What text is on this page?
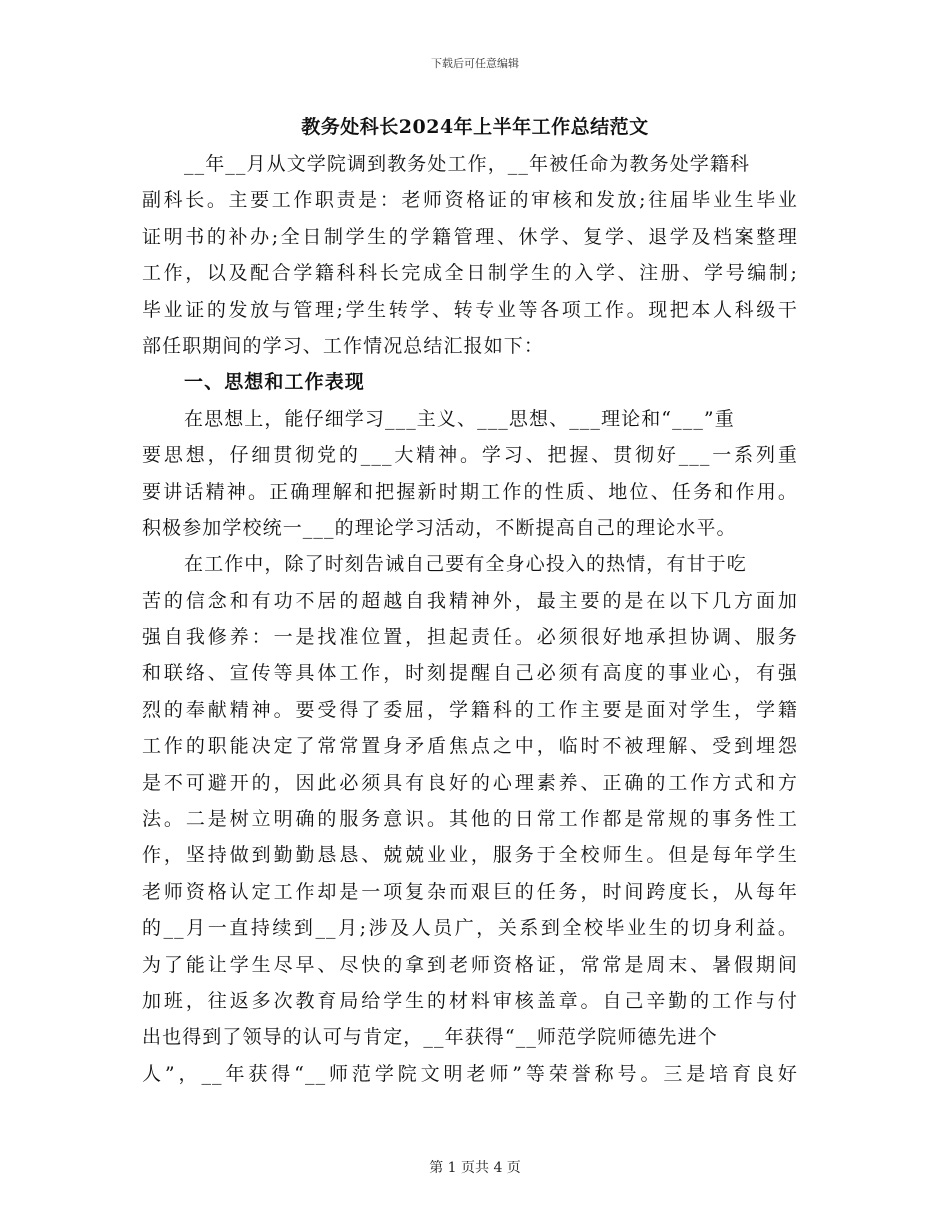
下载后可任意编辑
教务处科长2024年上半年工作总结范文
__年__月从文学院调到教务处工作，__年被任命为教务处学籍科
副科长。主要工作职责是：老师资格证的审核和发放;往届毕业生毕业
证明书的补办;全日制学生的学籍管理、休学、复学、退学及档案整理
工作，以及配合学籍科科长完成全日制学生的入学、注册、学号编制;
毕业证的发放与管理;学生转学、转专业等各项工作。现把本人科级干
部任职期间的学习、工作情况总结汇报如下：
一、思想和工作表现
在思想上，能仔细学习___主义、___思想、___理论和“___”重
要思想，仔细贯彻党的___大精神。学习、把握、贯彻好___一系列重
要讲话精神。正确理解和把握新时期工作的性质、地位、任务和作用。
积极参加学校统一___的理论学习活动，不断提高自己的理论水平。
在工作中，除了时刻告诫自己要有全身心投入的热情，有甘于吃
苦的信念和有功不居的超越自我精神外，最主要的是在以下几方面加
强自我修养：一是找准位置，担起责任。必须很好地承担协调、服务
和联络、宣传等具体工作，时刻提醒自己必须有高度的事业心，有强
烈的奉献精神。要受得了委屈，学籍科的工作主要是面对学生，学籍
工作的职能决定了常常置身矛盾焦点之中，临时不被理解、受到埋怨
是不可避开的，因此必须具有良好的心理素养、正确的工作方式和方
法。二是树立明确的服务意识。其他的日常工作都是常规的事务性工
作，坚持做到勤勤恳恳、兢兢业业，服务于全校师生。但是每年学生
老师资格认定工作却是一项复杂而艰巨的任务，时间跨度长，从每年
的__月一直持续到__月;涉及人员广，关系到全校毕业生的切身利益。
为了能让学生尽早、尽快的拿到老师资格证，常常是周末、暑假期间
加班，往返多次教育局给学生的材料审核盖章。自己辛勤的工作与付
出也得到了领导的认可与肯定，__年获得“__师范学院师德先进个
人”，__年获得“__师范学院文明老师”等荣誉称号。三是培育良好
第 1 页共 4 页
